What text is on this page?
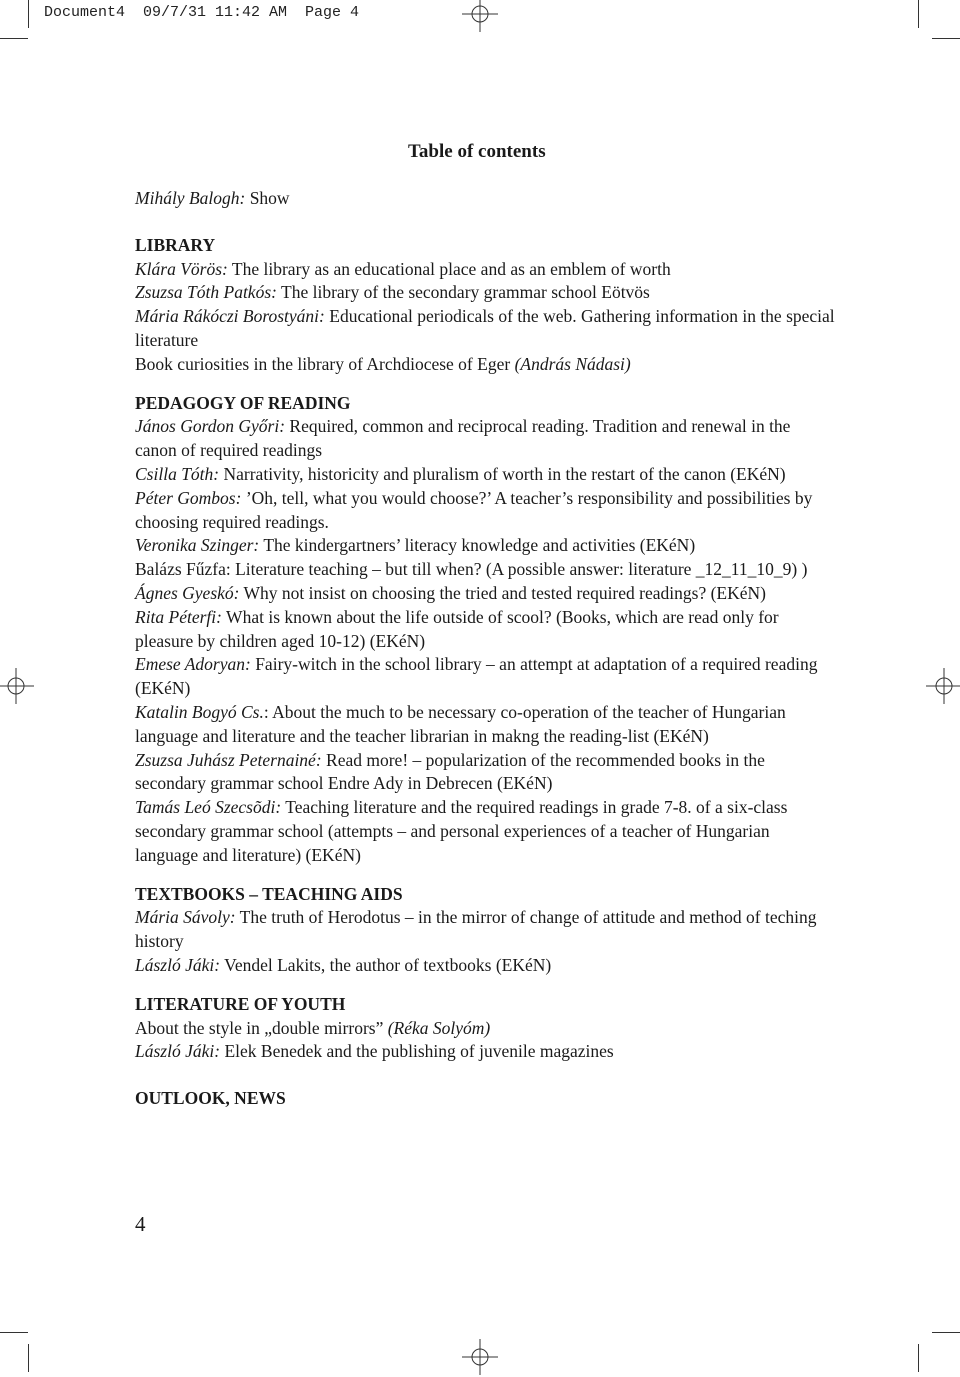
Document4  09/7/31 11:42 AM  Page 4
Table of contents

Mihály Balogh: Show

LIBRARY

Klára Vörös: The library as an educational place and as an emblem of worth

Zsuzsa Tóth Patkós: The library of the secondary grammar school Eötvös

Mária Rákóczi Borostyáni: Educational periodicals of the web. Gathering information in the special literature

Book curiosities in the library of Archdiocese of Eger (András Nádasi)

PEDAGOGY OF READING

János Gordon Győri: Required, common and reciprocal reading. Tradition and renewal in the canon of required readings

Csilla Tóth: Narrativity, historicity and pluralism of worth in the restart of the canon (EKéN)

Péter Gombos: ’Oh, tell, what you would choose?’ A teacher’s responsibility and possibilities by choosing required readings.

Veronika Szinger: The kindergartners’ literacy knowledge and activities (EKéN)

Balázs Fűzfa: Literature teaching – but till when? (A possible answer: literature _12_11_10_9) )

Ágnes Gyeskó: Why not insist on choosing the tried and tested required readings? (EKéN)

Rita Péterfi: What is known about the life outside of scool? (Books, which are read only for pleasure by children aged 10-12) (EKéN)

Emese Adoryan: Fairy-witch in the school library – an attempt at adaptation of a required reading (EKéN)

Katalin Bogyó Cs.: About the much to be necessary co-operation of the teacher of Hungarian language and literature and the teacher librarian in makng the reading-list (EKéN)

Zsuzsa Juhász Peternainé: Read more! – popularization of the recommended books in the secondary grammar school Endre Ady in Debrecen (EKéN)

Tamás Leó Szecsõdi: Teaching literature and the required readings in grade 7-8. of a six-class secondary grammar school (attempts – and personal experiences of a teacher of Hungarian language and literature) (EKéN)

TEXTBOOKS – TEACHING AIDS

Mária Sávoly: The truth of Herodotus – in the mirror of change of attitude and method of teching history

László Jáki: Vendel Lakits, the author of textbooks (EKéN)

LITERATURE OF YOUTH

About the style in „double mirrors” (Réka Solyóm)

László Jáki: Elek Benedek and the publishing of juvenile magazines

OUTLOOK, NEWS

4
